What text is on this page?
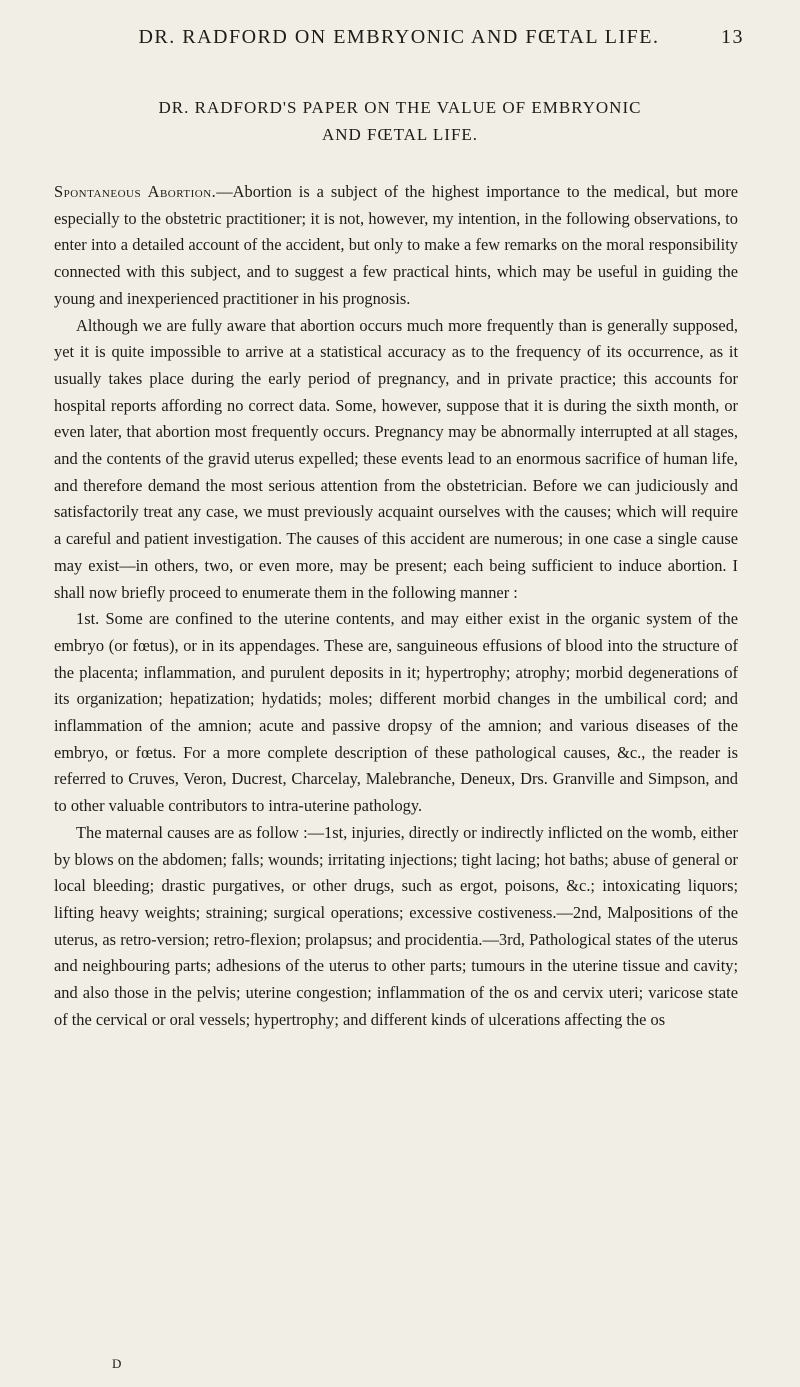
DR. RADFORD ON EMBRYONIC AND FŒTAL LIFE.	13
DR. RADFORD'S PAPER ON THE VALUE OF EMBRYONIC
AND FŒTAL LIFE.

Spontaneous Abortion.—Abortion is a subject of the highest importance to the medical, but more especially to the obstetric practitioner; it is not, however, my intention, in the following observations, to enter into a detailed account of the accident, but only to make a few remarks on the moral responsibility connected with this subject, and to suggest a few practical hints, which may be useful in guiding the young and inexperienced practitioner in his prognosis.

Although we are fully aware that abortion occurs much more frequently than is generally supposed, yet it is quite impossible to arrive at a statistical accuracy as to the frequency of its occurrence, as it usually takes place during the early period of pregnancy, and in private practice; this accounts for hospital reports affording no correct data. Some, however, suppose that it is during the sixth month, or even later, that abortion most frequently occurs. Pregnancy may be abnormally interrupted at all stages, and the contents of the gravid uterus expelled; these events lead to an enormous sacrifice of human life, and therefore demand the most serious attention from the obstetrician. Before we can judiciously and satisfactorily treat any case, we must previously acquaint ourselves with the causes; which will require a careful and patient investigation. The causes of this accident are numerous; in one case a single cause may exist—in others, two, or even more, may be present; each being sufficient to induce abortion. I shall now briefly proceed to enumerate them in the following manner :

1st. Some are confined to the uterine contents, and may either exist in the organic system of the embryo (or fœtus), or in its appendages. These are, sanguineous effusions of blood into the structure of the placenta; inflammation, and purulent deposits in it; hypertrophy; atrophy; morbid degenerations of its organization; hepatization; hydatids; moles; different morbid changes in the umbilical cord; and inflammation of the amnion; acute and passive dropsy of the amnion; and various diseases of the embryo, or fœtus. For a more complete description of these pathological causes, &c., the reader is referred to Cruves, Veron, Ducrest, Charcelay, Malebranche, Deneux, Drs. Granville and Simpson, and to other valuable contributors to intra-uterine pathology.

The maternal causes are as follow :—1st, injuries, directly or indirectly inflicted on the womb, either by blows on the abdomen; falls; wounds; irritating injections; tight lacing; hot baths; abuse of general or local bleeding; drastic purgatives, or other drugs, such as ergot, poisons, &c.; intoxicating liquors; lifting heavy weights; straining; surgical operations; excessive costiveness.—2nd, Malpositions of the uterus, as retro-version; retro-flexion; prolapsus; and procidentia.—3rd, Pathological states of the uterus and neighbouring parts; adhesions of the uterus to other parts; tumours in the uterine tissue and cavity; and also those in the pelvis; uterine congestion; inflammation of the os and cervix uteri; varicose state of the cervical or oral vessels; hypertrophy; and different kinds of ulcerations affecting the os

D
